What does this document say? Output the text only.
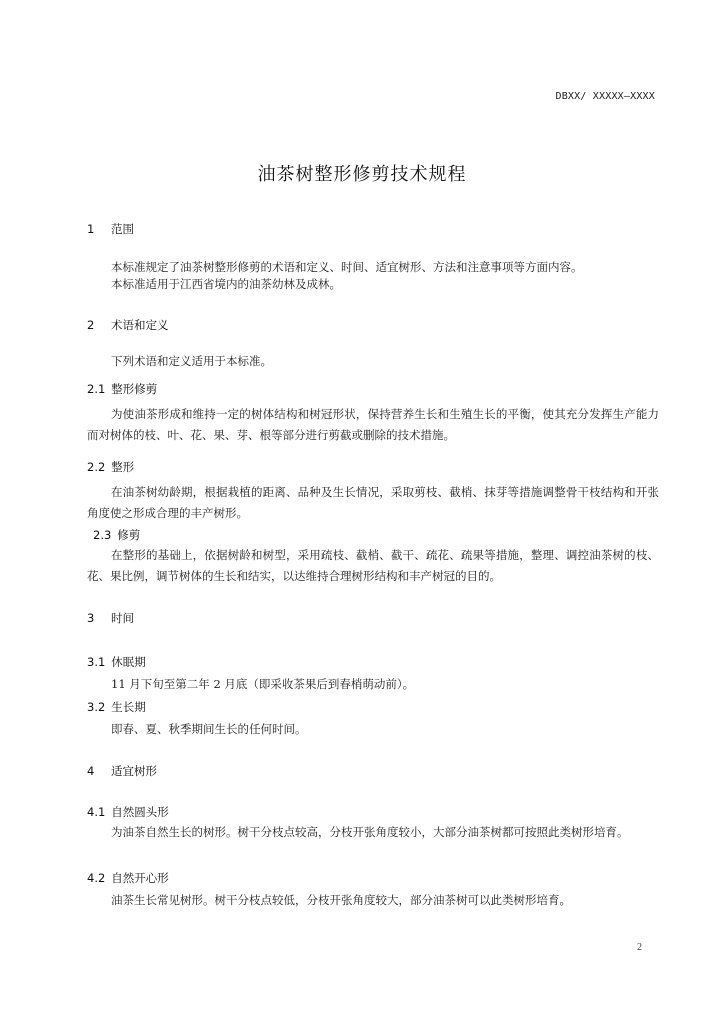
DBXX/ XXXXX—XXXX
油茶树整形修剪技术规程
1 范围
本标准规定了油茶树整形修剪的术语和定义、时间、适宜树形、方法和注意事项等方面内容。
本标准适用于江西省境内的油茶幼林及成林。
2 术语和定义
下列术语和定义适用于本标准。
2.1 整形修剪
为使油茶形成和维持一定的树体结构和树冠形状，保持营养生长和生殖生长的平衡，使其充分发挥生产能力而对树体的枝、叶、花、果、芽、根等部分进行剪截或删除的技术措施。
2.2 整形
在油茶树幼龄期，根据栽植的距离、品种及生长情况，采取剪枝、截梢、抹芽等措施调整骨干枝结构和开张角度使之形成合理的丰产树形。
2.3 修剪
在整形的基础上，依据树龄和树型，采用疏枝、截梢、截干、疏花、疏果等措施，整理、调控油茶树的枝、花、果比例，调节树体的生长和结实，以达维持合理树形结构和丰产树冠的目的。
3 时间
3.1 休眠期
11 月下旬至第二年 2 月底（即采收茶果后到春梢萌动前）。
3.2 生长期
即春、夏、秋季期间生长的任何时间。
4 适宜树形
4.1 自然圆头形
为油茶自然生长的树形。树干分枝点较高，分枝开张角度较小，大部分油茶树都可按照此类树形培育。
4.2 自然开心形
油茶生长常见树形。树干分枝点较低，分枝开张角度较大，部分油茶树可以此类树形培育。
2
